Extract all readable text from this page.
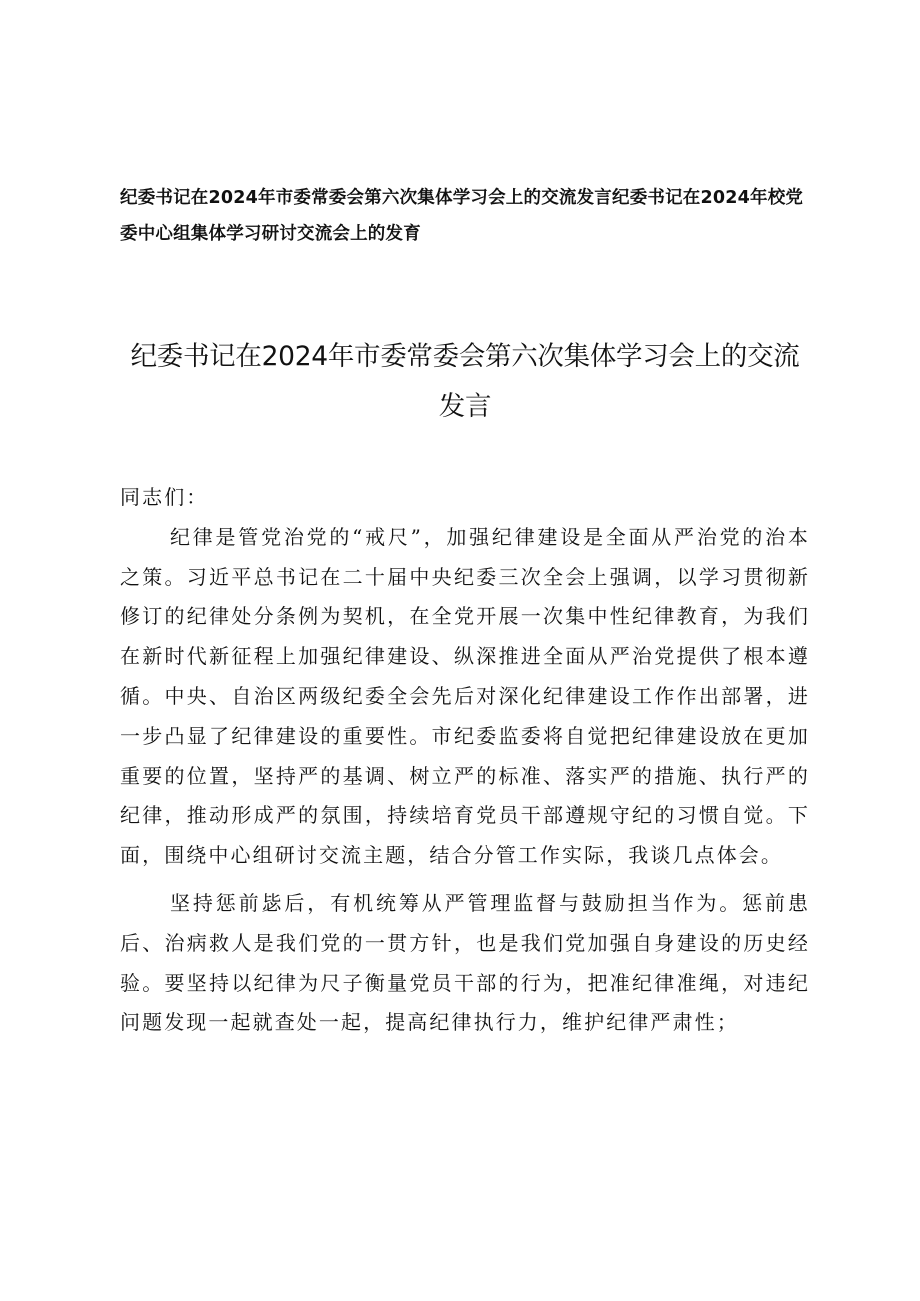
纪委书记在2024年市委常委会第六次集体学习会上的交流发言纪委书记在2024年校党委中心组集体学习研讨交流会上的发育

纪委书记在2024年市委常委会第六次集体学习会上的交流发言

同志们：

纪律是管党治党的“戒尺”，加强纪律建设是全面从严治党的治本之策。习近平总书记在二十届中央纪委三次全会上强调，以学习贯彻新修订的纪律处分条例为契机，在全党开展一次集中性纪律教育，为我们在新时代新征程上加强纪律建设、纵深推进全面从严治党提供了根本遵循。中央、自治区两级纪委全会先后对深化纪律建设工作作出部署，进一步凸显了纪律建设的重要性。市纪委监委将自觉把纪律建设放在更加重要的位置，坚持严的基调、树立严的标准、落实严的措施、执行严的纪律，推动形成严的氛围，持续培育党员干部遵规守纪的习惯自觉。下面，围绕中心组研讨交流主题，结合分管工作实际，我谈几点体会。

坚持惩前毖后，有机统筹从严管理监督与鼓励担当作为。惩前患后、治病救人是我们党的一贯方针，也是我们党加强自身建设的历史经验。要坚持以纪律为尺子衡量党员干部的行为，把准纪律准绳，对违纪问题发现一起就查处一起，提高纪律执行力，维护纪律严肃性；
